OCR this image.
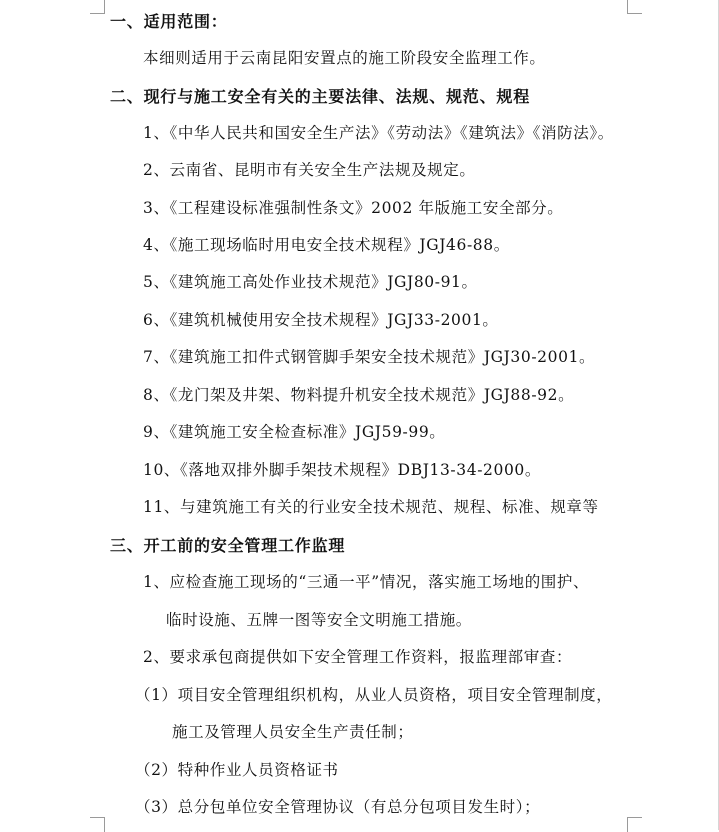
一、适用范围：
本细则适用于云南昆阳安置点的施工阶段安全监理工作。
二、现行与施工安全有关的主要法律、法规、规范、规程
1、《中华人民共和国安全生产法》《劳动法》《建筑法》《消防法》。
2、云南省、昆明市有关安全生产法规及规定。
3、《工程建设标准强制性条文》2002 年版施工安全部分。
4、《施工现场临时用电安全技术规程》JGJ46-88。
5、《建筑施工高处作业技术规范》JGJ80-91。
6、《建筑机械使用安全技术规程》JGJ33-2001。
7、《建筑施工扣件式钢管脚手架安全技术规范》JGJ30-2001。
8、《龙门架及井架、物料提升机安全技术规范》JGJ88-92。
9、《建筑施工安全检查标准》JGJ59-99。
10、《落地双排外脚手架技术规程》DBJ13-34-2000。
11、与建筑施工有关的行业安全技术规范、规程、标准、规章等
三、开工前的安全管理工作监理
1、应检查施工现场的“三通一平”情况，落实施工场地的围护、
临时设施、五牌一图等安全文明施工措施。
2、要求承包商提供如下安全管理工作资料，报监理部审查：
（1）项目安全管理组织机构，从业人员资格，项目安全管理制度，
施工及管理人员安全生产责任制；
（2）特种作业人员资格证书
（3）总分包单位安全管理协议（有总分包项目发生时）；
